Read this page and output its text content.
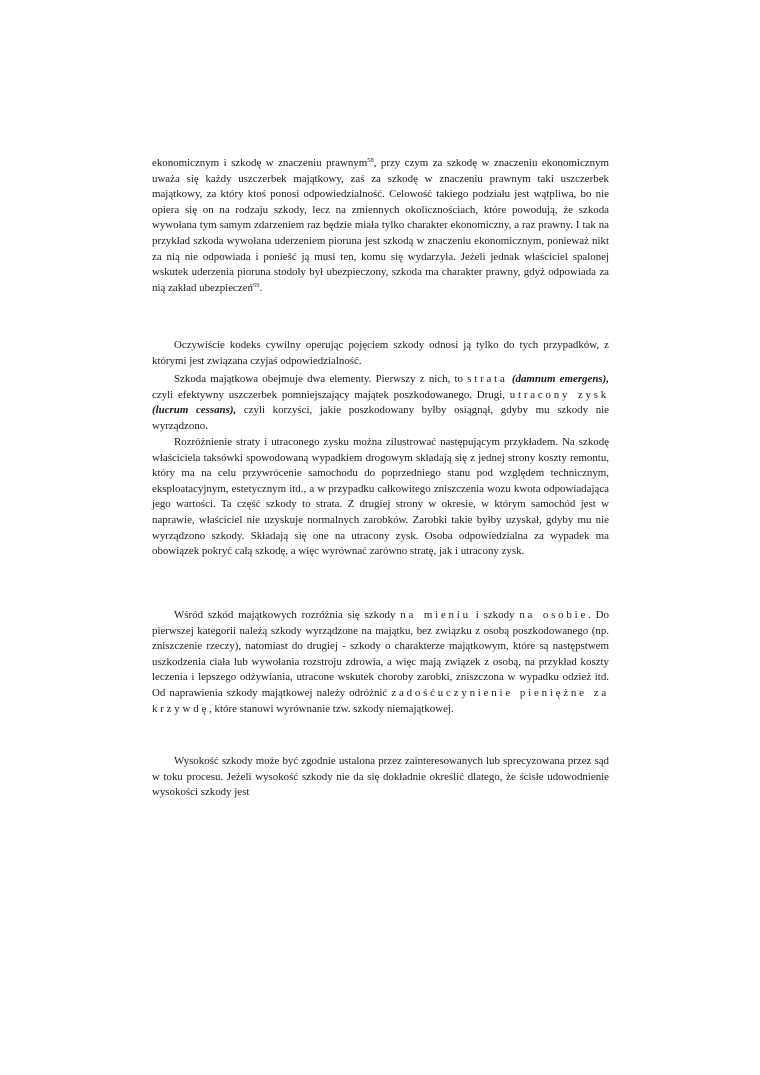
ekonomicznym i szkodę w znaczeniu prawnym$^{58}$, przy czym za szkodę w znaczeniu ekonomicznym uważa się każdy uszczerbek majątkowy, zaś za szkodę w znaczeniu prawnym taki uszczerbek majątkowy, za który ktoś ponosi odpowiedzialność. Celowość takiego podziału jest wątpliwa, bo nie opiera się on na rodzaju szkody, lecz na zmiennych okolicznościach, które powodują, że szkoda wywołana tym samym zdarzeniem raz będzie miała tylko charakter ekonomiczny, a raz prawny. I tak na przykład szkoda wywołana uderzeniem pioruna jest szkodą w znaczeniu ekonomicznym, ponieważ nikt za nią nie odpowiada i poniešć ją musi ten, komu się wydarzyła. Jeżeli jednak właściciel spalonej wskutek uderzenia pioruna stodoły był ubezpieczony, szkoda ma charakter prawny, gdyż odpowiada za nią zakład ubezpieczeń$^{59}$.

Oczywiście kodeks cywilny operując pojęciem szkody odnosi ją tylko do tych przypadków, z którymi jest związana czyjaś odpowiedzialność.

Szkoda majątkowa obejmuje dwa elementy. Pierwszy z nich, to strata (damnum emergens), czyli efektywny uszczerbek pomniejszający majątek poszkodowanego. Drugi, utracony zysk (lucrum cessans), czyli korzyści, jakie poszkodowany byłby osiągnął, gdyby mu szkody nie wyrządzono.

Rozróżnienie straty i utraconego zysku można zilustrować następującym przykładem. Na szkodę właściciela taksówki spowodowaną wypadkiem drogowym składają się z jednej strony koszty remontu, który ma na celu przywrócenie samochodu do poprzedniego stanu pod względem technicznym, eksploatacyjnym, estetycznym itd., a w przypadku całkowitego zniszczenia wozu kwota odpowiadająca jego wartości. Ta część szkody to strata. Z drugiej strony w okresie, w którym samochód jest w naprawie, właściciel nie uzyskuje normalnych zarobków. Zarobki takie byłby uzyskał, gdyby mu nie wyrządzono szkody. Składają się one na utracony zysk. Osoba odpowiedzialna za wypadek ma obowiązek pokryć całą szkodę, a więc wyrównać zarówno stratę, jak i utracony zysk.

Wśród szkód majątkowych rozróżnia się szkody na mieniu i szkody na osobie. Do pierwszej kategorii należą szkody wyrządzone na majątku, bez związku z osobą poszkodowanego (np. zniszczenie rzeczy), natomiast do drugiej - szkody o charakterze majątkowym, które są następstwem uszkodzenia ciała lub wywołania rozstroju zdrowia, a więc mają związek z osobą, na przykład koszty leczenia i lepszego odżywiania, utracone wskutek choroby zarobki, zniszczona w wypadku odzież itd. Od naprawienia szkody majątkowej należy odróżnić zadośćuczynienie pieniężne za krzywdę, które stanowi wyrównanie tzw. szkody niemajątkowej.

Wysokość szkody może być zgodnie ustalona przez zainteresowanych lub sprecyzowana przez sąd w toku procesu. Jeżeli wysokość szkody nie da się dokładnie określić dlatego, że ścisłe udowodnienie wysokości szkody jest
